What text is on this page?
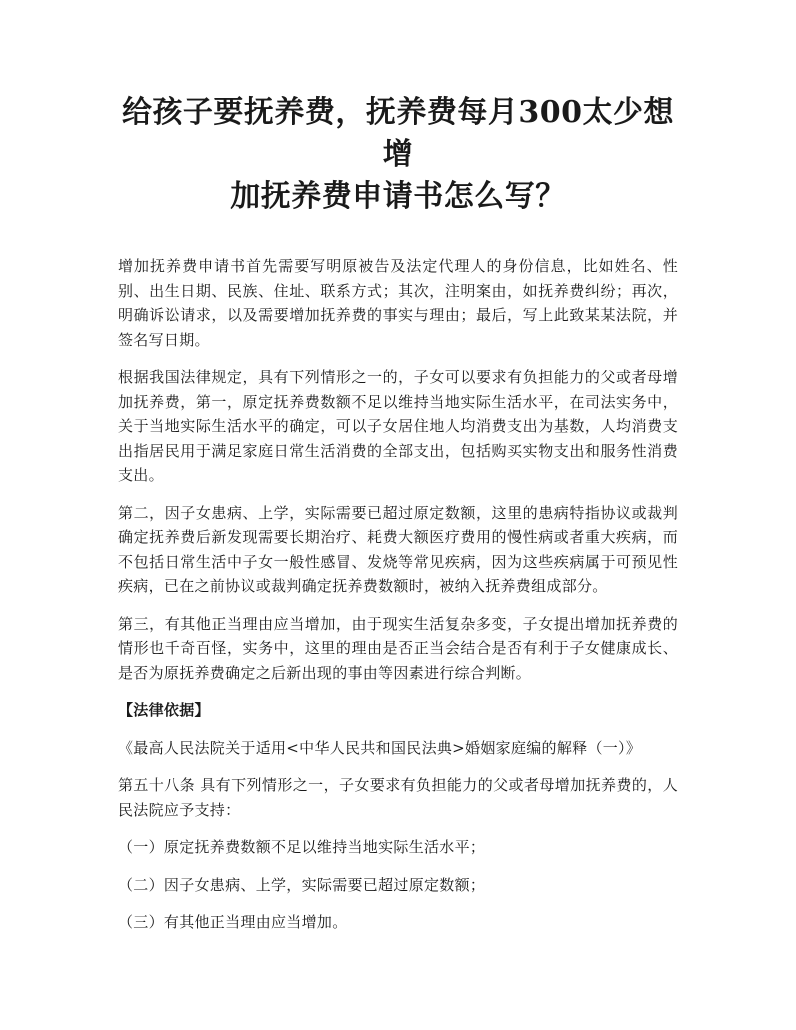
给孩子要抚养费，抚养费每月300太少想增
加抚养费申请书怎么写？

增加抚养费申请书首先需要写明原被告及法定代理人的身份信息，比如姓名、性别、出生日期、民族、住址、联系方式；其次，注明案由，如抚养费纠纷；再次，明确诉讼请求，以及需要增加抚养费的事实与理由；最后，写上此致某某法院，并签名写日期。

根据我国法律规定，具有下列情形之一的，子女可以要求有负担能力的父或者母增加抚养费，第一，原定抚养费数额不足以维持当地实际生活水平，在司法实务中，关于当地实际生活水平的确定，可以子女居住地人均消费支出为基数，人均消费支出指居民用于满足家庭日常生活消费的全部支出，包括购买实物支出和服务性消费支出。

第二，因子女患病、上学，实际需要已超过原定数额，这里的患病特指协议或裁判确定抚养费后新发现需要长期治疗、耗费大额医疗费用的慢性病或者重大疾病，而不包括日常生活中子女一般性感冒、发烧等常见疾病，因为这些疾病属于可预见性疾病，已在之前协议或裁判确定抚养费数额时，被纳入抚养费组成部分。

第三，有其他正当理由应当增加，由于现实生活复杂多变，子女提出增加抚养费的情形也千奇百怪，实务中，这里的理由是否正当会结合是否有利于子女健康成长、是否为原抚养费确定之后新出现的事由等因素进行综合判断。

【法律依据】

《最高人民法院关于适用<中华人民共和国民法典>婚姻家庭编的解释（一）》

第五十八条 具有下列情形之一，子女要求有负担能力的父或者母增加抚养费的，人民法院应予支持：

（一）原定抚养费数额不足以维持当地实际生活水平；

（二）因子女患病、上学，实际需要已超过原定数额；

（三）有其他正当理由应当增加。
